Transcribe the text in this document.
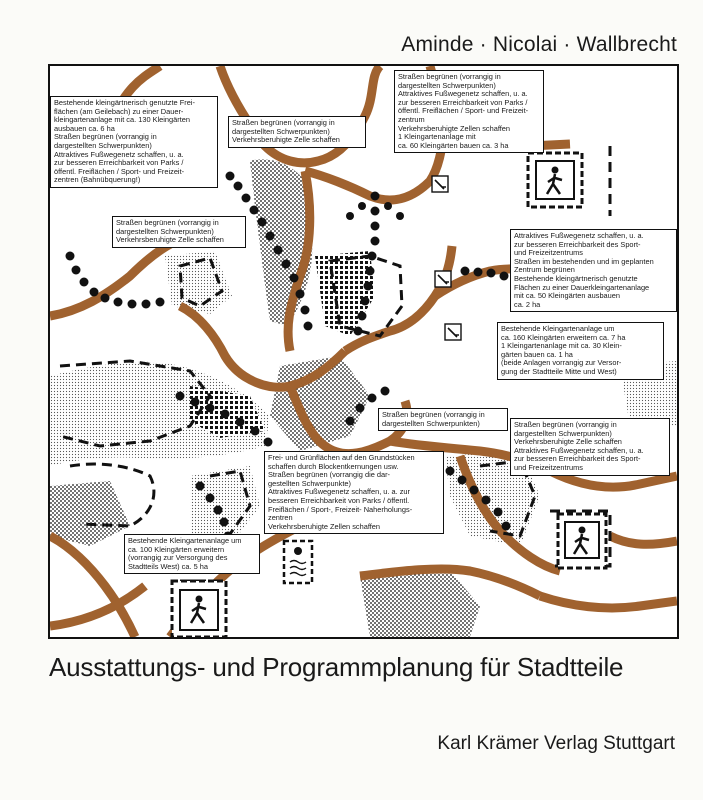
Aminde · Nicolai · Wallbrecht
Bestehende kleingärtnerisch genutzte Frei-
flächen (am Geilebach) zu einer Dauer-
kleingartenanlage mit ca. 130 Kleingärten
ausbauen ca. 6 ha
Straßen begrünen (vorrangig in
dargestellten Schwerpunkten)
Attraktives Fußwegenetz schaffen, u. a.
zur besseren Erreichbarkeit von Parks /
öffentl. Freiflächen / Sport- und Freizeit-
zentren (Bahnübquerung!)
Straßen begrünen (vorrangig in
dargestellten Schwerpunkten)
Verkehrsberuhigte Zelle schaffen
Straßen begrünen (vorrangig in
dargestellten Schwerpunkten)
Attraktives Fußwegenetz schaffen, u. a.
zur besseren Erreichbarkeit von Parks /
öffentl. Freiflächen / Sport- und Freizeit-
zentrum
Verkehrsberuhigte Zellen schaffen
1 Kleingartenanlage mit
ca. 60 Kleingärten bauen ca. 3 ha
Straßen begrünen (vorrangig in
dargestellten Schwerpunkten)
Verkehrsberuhigte Zelle schaffen	Attraktives Fußwegenetz schaffen, u. a.
zur besseren Erreichbarkeit des Sport-
und Freizeitzentrums
Straßen im bestehenden und im geplanten
Zentrum begrünen
Bestehende kleingärtnerisch genutzte
Flächen zu einer Dauerkleingartenanlage
mit ca. 50 Kleingärten ausbauen
ca. 2 ha
Bestehende Kleingartenanlage um
ca. 160 Kleingärten erweitern ca. 7 ha
1 Kleingartenanlage mit ca. 30 Klein-
gärten bauen ca. 1 ha
(beide Anlagen vorrangig zur Versor-
gung der Stadtteile Mitte und West)
Straßen begrünen (vorrangig in
dargestellten Schwerpunkten)	Straßen begrünen (vorrangig in
dargestellten Schwerpunkten)
Verkehrsberuhigte Zelle schaffen
Attraktives Fußwegenetz schaffen, u. a.
zur besseren Erreichbarkeit des Sport-
und Freizeitzentrums
Frei- und Grünflächen auf den Grundstücken
schaffen durch Blockentkernungen usw.
Straßen begrünen (vorrangig die dar-
gestellten Schwerpunkte)
Attraktives Fußwegenetz schaffen, u. a. zur
besseren Erreichbarkeit von Parks / öffentl.
Freiflächen / Sport-, Freizeit- Naherholungs-
zentren
Verkehrsberuhigte Zellen schaffen
Bestehende Kleingartenanlage um
ca. 100 Kleingärten erweitern
(vorrangig zur Versorgung des
Stadtteils West) ca. 5 ha
Ausstattungs- und Programmplanung für Stadtteile
Karl Krämer Verlag Stuttgart
